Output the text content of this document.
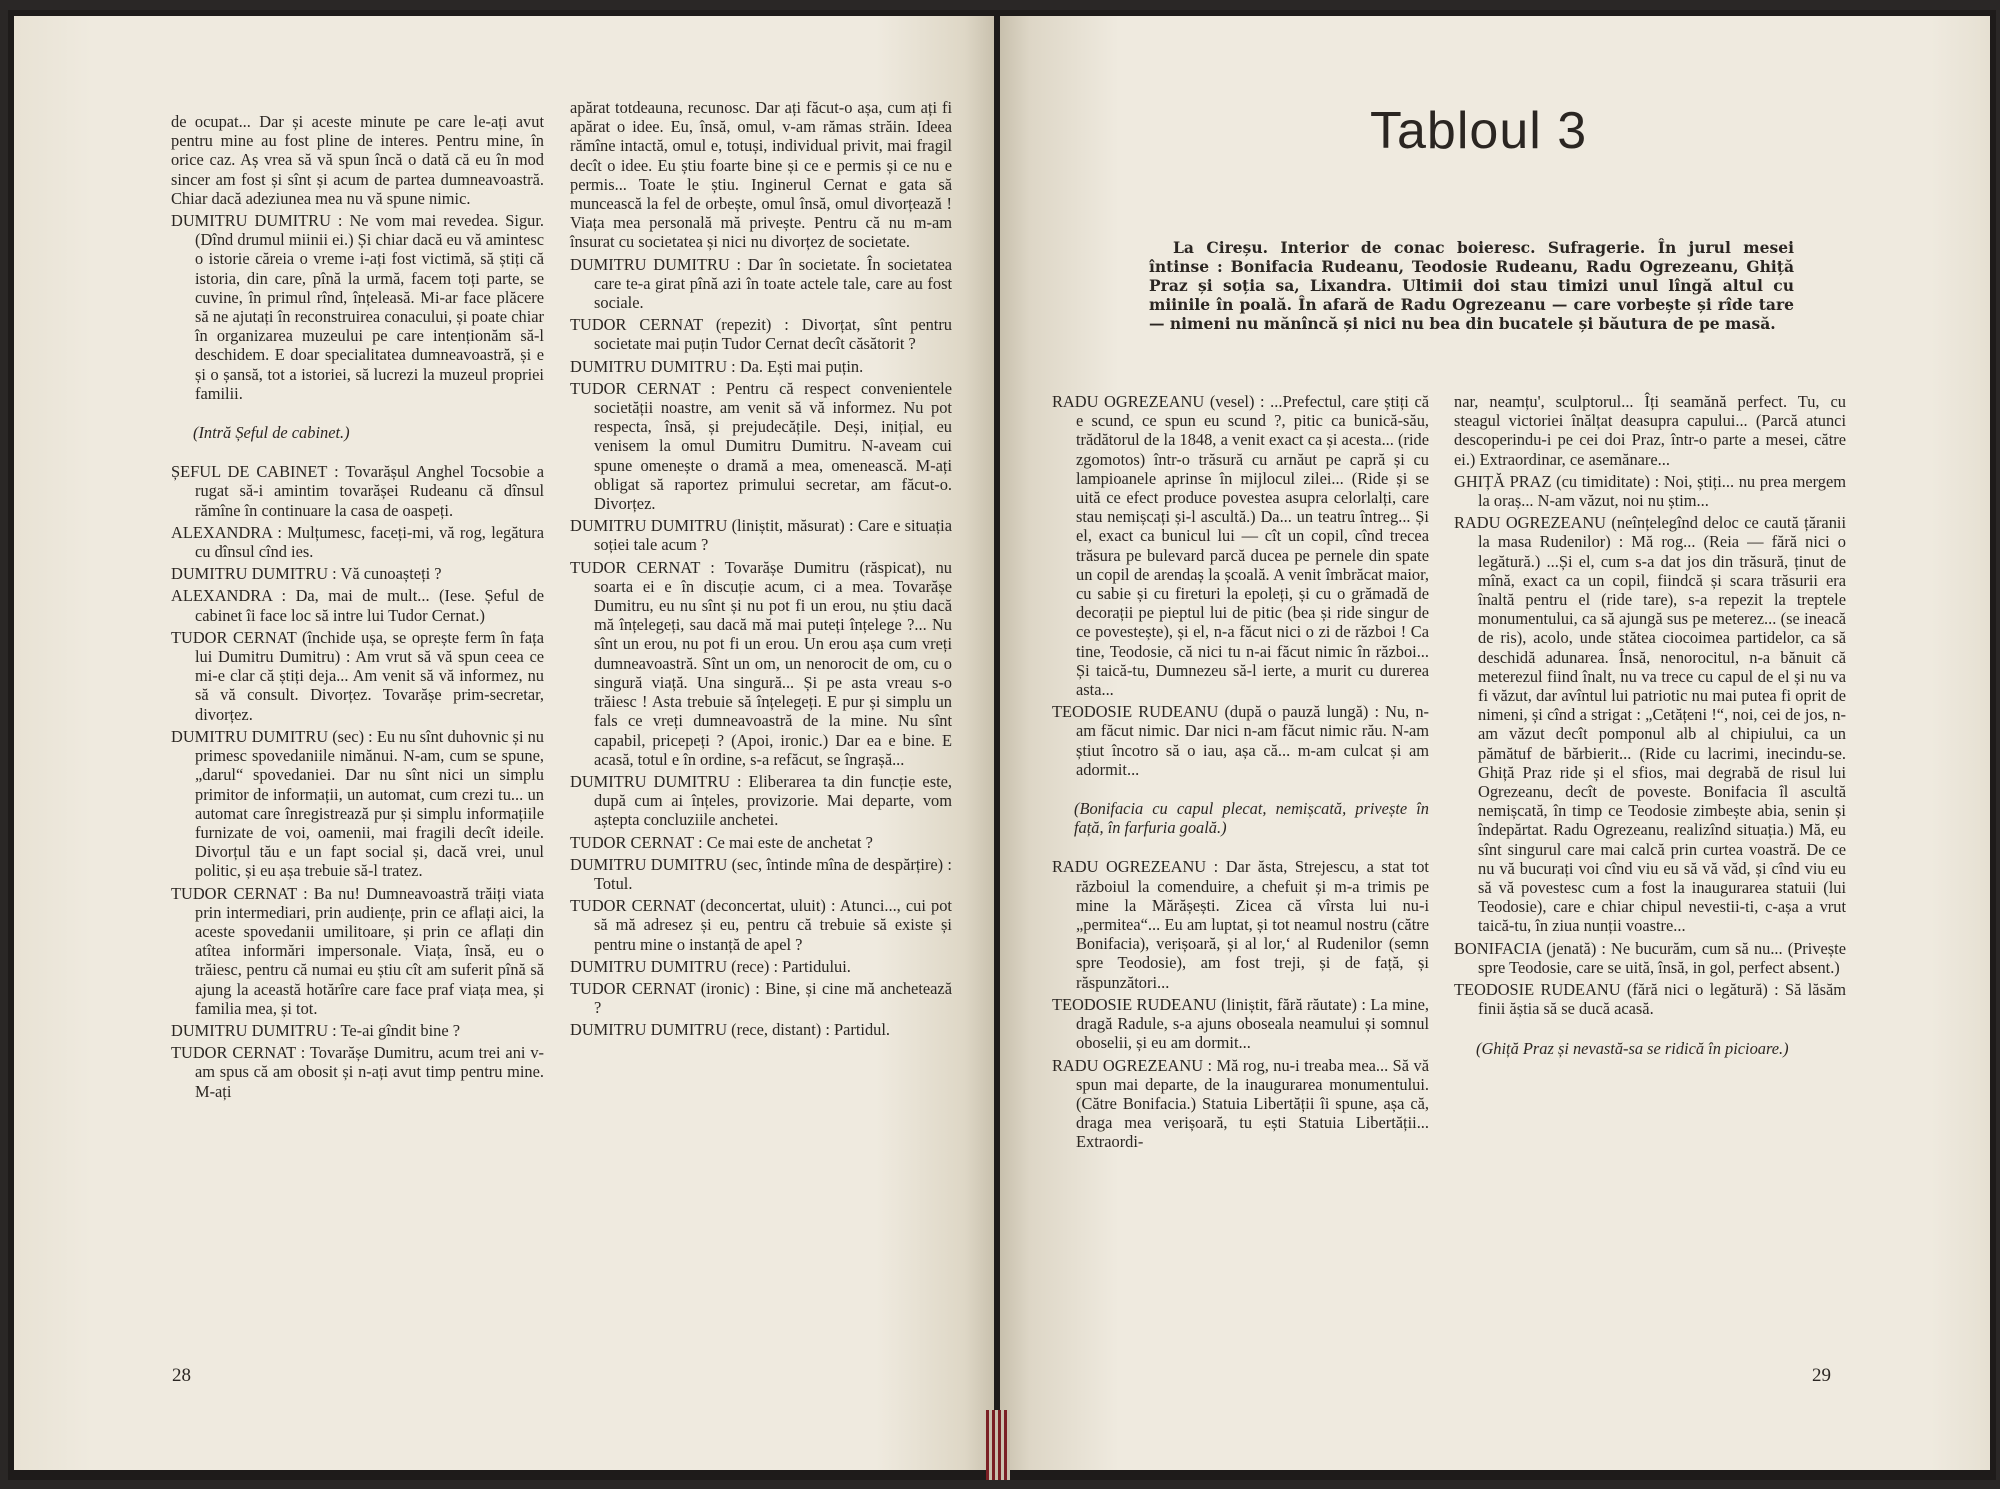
de ocupat... Dar și aceste minute pe care le-ați avut pentru mine au fost pline de interes. Pentru mine, în orice caz. Aș vrea să vă spun încă o dată că eu în mod sincer am fost și sînt și acum de partea dumneavoastră. Chiar dacă adeziunea mea nu vă spune nimic.

DUMITRU DUMITRU : Ne vom mai revedea. Sigur. (Dînd drumul miinii ei.) Și chiar dacă eu vă amintesc o istorie căreia o vreme i-ați fost victimă, să știți că istoria, din care, pînă la urmă, facem toți parte, se cuvine, în primul rînd, înțeleasă. Mi-ar face plăcere să ne ajutați în reconstruirea conacului, și poate chiar în organizarea muzeului pe care intenționăm să-l deschidem. E doar specialitatea dumneavoastră, și e și o șansă, tot a istoriei, să lucrezi la muzeul propriei familii.

(Intră Șeful de cabinet.)

ȘEFUL DE CABINET : Tovarășul Anghel Tocsobie a rugat să-i amintim tovarășei Rudeanu că dînsul rămîne în continuare la casa de oaspeți.

ALEXANDRA : Mulțumesc, faceți-mi, vă rog, legătura cu dînsul cînd ies.

DUMITRU DUMITRU : Vă cunoașteți ?

ALEXANDRA : Da, mai de mult... (Iese. Șeful de cabinet îi face loc să intre lui Tudor Cernat.)

TUDOR CERNAT (închide ușa, se oprește ferm în fața lui Dumitru Dumitru) : Am vrut să vă spun ceea ce mi-e clar că știți deja... Am venit să vă informez, nu să vă consult. Divorțez. Tovarășe prim-secretar, divorțez.

DUMITRU DUMITRU (sec) : Eu nu sînt duhovnic și nu primesc spovedaniile nimănui. N-am, cum se spune, „darul“ spovedaniei. Dar nu sînt nici un simplu primitor de informații, un automat, cum crezi tu... un automat care înregistrează pur și simplu informațiile furnizate de voi, oamenii, mai fragili decît ideile. Divorțul tău e un fapt social și, dacă vrei, unul politic, și eu așa trebuie să-l tratez.

TUDOR CERNAT : Ba nu! Dumneavoastră trăiți viata prin intermediari, prin audiențe, prin ce aflați aici, la aceste spovedanii umilitoare, și prin ce aflați din atîtea informări impersonale. Viața, însă, eu o trăiesc, pentru că numai eu știu cît am suferit pînă să ajung la această hotărîre care face praf viața mea, și familia mea, și tot.

DUMITRU DUMITRU : Te-ai gîndit bine ?

TUDOR CERNAT : Tovarășe Dumitru, acum trei ani v-am spus că am obosit și n-ați avut timp pentru mine. M-ați

apărat totdeauna, recunosc. Dar ați făcut-o așa, cum ați fi apărat o idee. Eu, însă, omul, v-am rămas străin. Ideea rămîne intactă, omul e, totuși, individual privit, mai fragil decît o idee. Eu știu foarte bine și ce e permis și ce nu e permis... Toate le știu. Inginerul Cernat e gata să muncească la fel de orbește, omul însă, omul divorțează ! Viața mea personală mă privește. Pentru că nu m-am însurat cu societatea și nici nu divorțez de societate.

DUMITRU DUMITRU : Dar în societate. În societatea care te-a girat pînă azi în toate actele tale, care au fost sociale.

TUDOR CERNAT (repezit) : Divorțat, sînt pentru societate mai puțin Tudor Cernat decît căsătorit ?

DUMITRU DUMITRU : Da. Ești mai puțin.

TUDOR CERNAT : Pentru că respect convenientele societății noastre, am venit să vă informez. Nu pot respecta, însă, și prejudecățile. Deși, inițial, eu venisem la omul Dumitru Dumitru. N-aveam cui spune omenește o dramă a mea, omenească. M-ați obligat să raportez primului secretar, am făcut-o. Divorțez.

DUMITRU DUMITRU (liniștit, măsurat) : Care e situația soției tale acum ?

TUDOR CERNAT : Tovarășe Dumitru (răspicat), nu soarta ei e în discuție acum, ci a mea. Tovarășe Dumitru, eu nu sînt și nu pot fi un erou, nu știu dacă mă înțelegeți, sau dacă mă mai puteți înțelege ?... Nu sînt un erou, nu pot fi un erou. Un erou așa cum vreți dumneavoastră. Sînt un om, un nenorocit de om, cu o singură viață. Una singură... Și pe asta vreau s-o trăiesc ! Asta trebuie să înțelegeți. E pur și simplu un fals ce vreți dumneavoastră de la mine. Nu sînt capabil, pricepeți ? (Apoi, ironic.) Dar ea e bine. E acasă, totul e în ordine, s-a refăcut, se îngrașă...

DUMITRU DUMITRU : Eliberarea ta din funcție este, după cum ai înțeles, provizorie. Mai departe, vom aștepta concluziile anchetei.

TUDOR CERNAT : Ce mai este de anchetat ?

DUMITRU DUMITRU (sec, întinde mîna de despărțire) : Totul.

TUDOR CERNAT (deconcertat, uluit) : Atunci..., cui pot să mă adresez și eu, pentru că trebuie să existe și pentru mine o instanță de apel ?

DUMITRU DUMITRU (rece) : Partidului.

TUDOR CERNAT (ironic) : Bine, și cine mă anchetează ?

DUMITRU DUMITRU (rece, distant) : Partidul.

28
Tabloul 3
La Cireșu. Interior de conac boieresc. Sufragerie. În jurul mesei întinse : Bonifacia Rudeanu, Teodosie Rudeanu, Radu Ogrezeanu, Ghiță Praz și soția sa, Lixandra. Ultimii doi stau timizi unul lîngă altul cu miinile în poală. În afară de Radu Ogrezeanu — care vorbește și rîde tare — nimeni nu mănîncă și nici nu bea din bucatele și băutura de pe masă.

RADU OGREZEANU (vesel) : ...Prefectul, care știți că e scund, ce spun eu scund ?, pitic ca bunică-său, trădătorul de la 1848, a venit exact ca și acesta... (ride zgomotos) într-o trăsură cu arnăut pe capră și cu lampioanele aprinse în mijlocul zilei... (Ride și se uită ce efect produce povestea asupra celorlalți, care stau nemișcați și-l ascultă.) Da... un teatru întreg... Și el, exact ca bunicul lui — cît un copil, cînd trecea trăsura pe bulevard parcă ducea pe pernele din spate un copil de arendaș la școală. A venit îmbrăcat maior, cu sabie și cu fireturi la epoleți, și cu o grămadă de decorații pe pieptul lui de pitic (bea și ride singur de ce povestește), și el, n-a făcut nici o zi de război ! Ca tine, Teodosie, că nici tu n-ai făcut nimic în război... Și taică-tu, Dumnezeu să-l ierte, a murit cu durerea asta...

TEODOSIE RUDEANU (după o pauză lungă) : Nu, n-am făcut nimic. Dar nici n-am făcut nimic rău. N-am știut încotro să o iau, așa că... m-am culcat și am adormit...

(Bonifacia cu capul plecat, nemișcată, privește în față, în farfuria goală.)

RADU OGREZEANU : Dar ăsta, Strejescu, a stat tot războiul la comenduire, a chefuit și m-a trimis pe mine la Mărășești. Zicea că vîrsta lui nu-i „permitea“... Eu am luptat, și tot neamul nostru (către Bonifacia), verișoară, și al lor,‘ al Rudenilor (semn spre Teodosie), am fost treji, și de față, și răspunzători...

TEODOSIE RUDEANU (liniștit, fără răutate) : La mine, dragă Radule, s-a ajuns oboseala neamului și somnul oboselii, și eu am dormit...

RADU OGREZEANU : Mă rog, nu-i treaba mea... Să vă spun mai departe, de la inaugurarea monumentului. (Către Bonifacia.) Statuia Libertății îi spune, așa că, draga mea verișoară, tu ești Statuia Libertății... Extraordi-

nar, neamțu', sculptorul... Îți seamănă perfect. Tu, cu steagul victoriei înălțat deasupra capului... (Parcă atunci descoperindu-i pe cei doi Praz, într-o parte a mesei, către ei.) Extraordinar, ce asemănare...

GHIȚĂ PRAZ (cu timiditate) : Noi, știți... nu prea mergem la oraș... N-am văzut, noi nu știm...

RADU OGREZEANU (neînțelegînd deloc ce caută țăranii la masa Rudenilor) : Mă rog... (Reia — fără nici o legătură.) ...Și el, cum s-a dat jos din trăsură, ținut de mînă, exact ca un copil, fiindcă și scara trăsurii era înaltă pentru el (ride tare), s-a repezit la treptele monumentului, ca să ajungă sus pe meterez... (se ineacă de ris), acolo, unde stătea ciocoimea partidelor, ca să deschidă adunarea. Însă, nenorocitul, n-a bănuit că meterezul fiind înalt, nu va trece cu capul de el și nu va fi văzut, dar avîntul lui patriotic nu mai putea fi oprit de nimeni, și cînd a strigat : „Cetățeni !“, noi, cei de jos, n-am văzut decît pomponul alb al chipiului, ca un pămătuf de bărbierit... (Ride cu lacrimi, inecindu-se. Ghiță Praz ride și el sfios, mai degrabă de risul lui Ogrezeanu, decît de poveste. Bonifacia îl ascultă nemișcată, în timp ce Teodosie zimbește abia, senin și îndepărtat. Radu Ogrezeanu, realizînd situația.) Mă, eu sînt singurul care mai calcă prin curtea voastră. De ce nu vă bucurați voi cînd viu eu să vă văd, și cînd viu eu să vă povestesc cum a fost la inaugurarea statuii (lui Teodosie), care e chiar chipul nevestii-ti, c-așa a vrut taică-tu, în ziua nunții voastre...

BONIFACIA (jenată) : Ne bucurăm, cum să nu... (Privește spre Teodosie, care se uită, însă, in gol, perfect absent.)

TEODOSIE RUDEANU (fără nici o legătură) : Să lăsăm finii ăștia să se ducă acasă.

(Ghiță Praz și nevastă-sa se ridică în picioare.)

29
